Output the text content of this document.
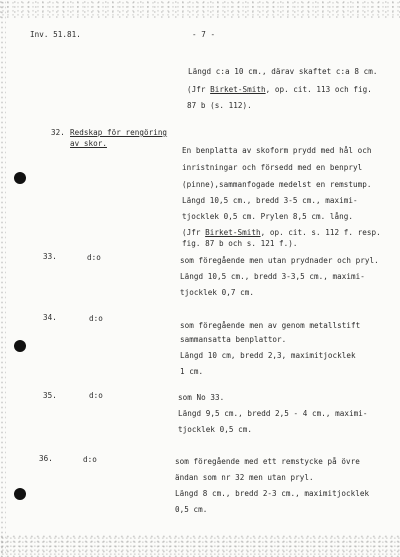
Inv. 51.81.	- 7 -
Längd c:a 10 cm., därav skaftet c:a 8 cm.
(Jfr Birket-Smith, op. cit. 113 och fig.
87 b (s. 112).
32. Redskap för rengöring
av skor.
En benplatta av skoform prydd med hål och
inristningar och försedd med en benpryl
(pinne),sammanfogade medelst en remstump.
Längd 10,5 cm., bredd 3-5 cm., maximi-
tjocklek 0,5 cm. Prylen 8,5 cm. lång.
(Jfr Birket-Smith, op. cit. s. 112 f. resp.
fig. 87 b och s. 121 f.).
33.	d:o	som föregående men utan prydnader och pryl.
Längd 10,5 cm., bredd 3-3,5 cm., maximi-
tjocklek 0,7 cm.
34.	d:o
som föregående men av genom metallstift
sammansatta benplattor.
Längd 10 cm, bredd 2,3, maximitjocklek
1 cm.
35.	d:o	som No 33.
Längd 9,5 cm., bredd 2,5 - 4 cm., maximi-
tjocklek 0,5 cm.
36.	d:o	som föregående med ett remstycke på övre
ändan som nr 32 men utan pryl.
Längd 8 cm., bredd 2-3 cm., maximitjocklek
0,5 cm.
